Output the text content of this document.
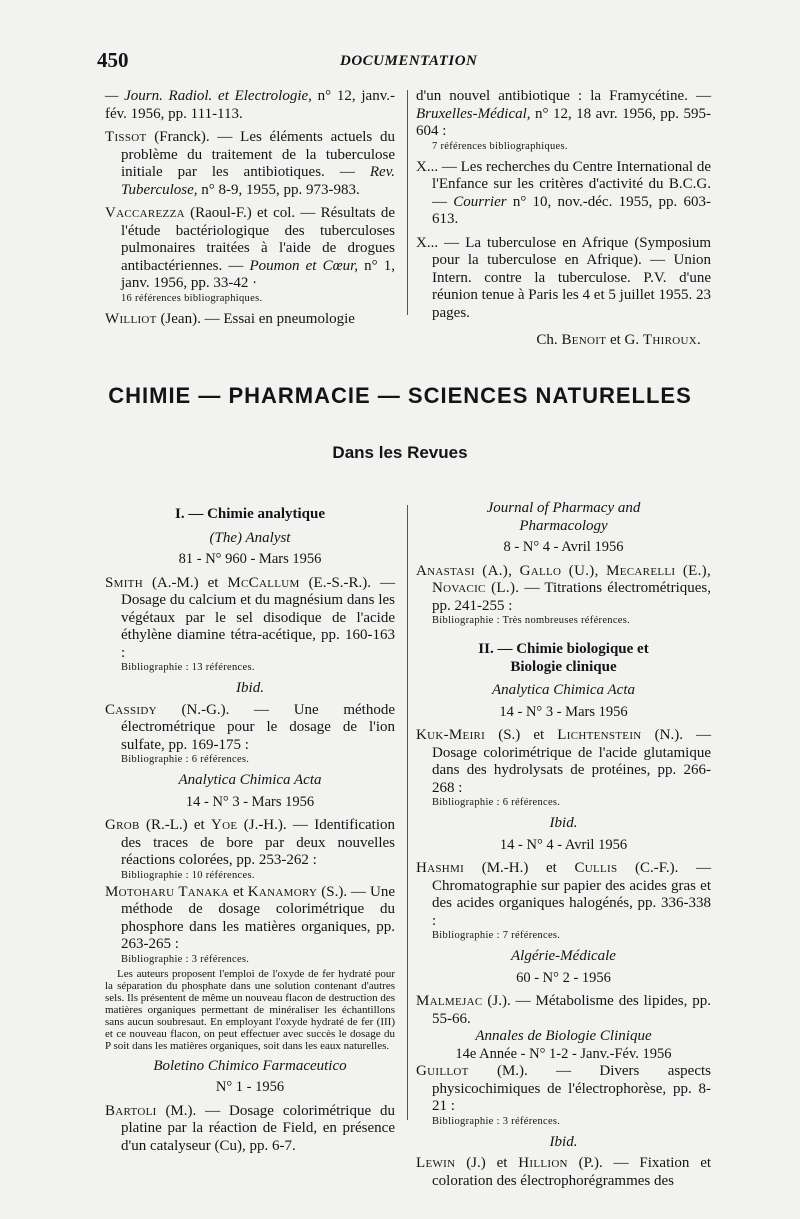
450	DOCUMENTATION

— Journ. Radiol. et Electrologie, n° 12, janv.-fév. 1956, pp. 111-113.

Tissot (Franck). — Les éléments actuels du problème du traitement de la tuberculose initiale par les antibiotiques. — Rev. Tuberculose, n° 8-9, 1955, pp. 973-983.

Vaccarezza (Raoul-F.) et col. — Résultats de l'étude bactériologique des tuberculoses pulmonaires traitées à l'aide de drogues antibactériennes. — Poumon et Cœur, n° 1, janv. 1956, pp. 33-42 ·

16 références bibliographiques.

Williot (Jean). — Essai en pneumologie

d'un nouvel antibiotique : la Framycétine. — Bruxelles-Médical, n° 12, 18 avr. 1956, pp. 595-604 :

7 références bibliographiques.

X... — Les recherches du Centre International de l'Enfance sur les critères d'activité du B.C.G. — Courrier n° 10, nov.-déc. 1955, pp. 603-613.

X... — La tuberculose en Afrique (Symposium pour la tuberculose en Afrique). — Union Intern. contre la tuberculose. P.V. d'une réunion tenue à Paris les 4 et 5 juillet 1955. 23 pages.

Ch. Benoit et G. Thiroux.
CHIMIE — PHARMACIE — SCIENCES NATURELLES
Dans les Revues
I. — Chimie analytique
(The) Analyst
81 - N° 960 - Mars 1956

Smith (A.-M.) et McCallum (E.-S.-R.). — Dosage du calcium et du magnésium dans les végétaux par le sel disodique de l'acide éthylène diamine tétra-acétique, pp. 160-163 :

Bibliographie : 13 références.
Ibid.

Cassidy (N.-G.). — Une méthode électrométrique pour le dosage de l'ion sulfate, pp. 169-175 :

Bibliographie : 6 références.
Analytica Chimica Acta
14 - N° 3 - Mars 1956

Grob (R.-L.) et Yoe (J.-H.). — Identification des traces de bore par deux nouvelles réactions colorées, pp. 253-262 :

Bibliographie : 10 références.

Motoharu Tanaka et Kanamory (S.). — Une méthode de dosage colorimétrique du phosphore dans les matières organiques, pp. 263-265 :

Bibliographie : 3 références.

Les auteurs proposent l'emploi de l'oxyde de fer hydraté pour la séparation du phosphate dans une solution contenant d'autres sels. Ils présentent de même un nouveau flacon de destruction des matières organiques permettant de minéraliser les échantillons sans aucun soubresaut. En employant l'oxyde hydraté de fer (III) et ce nouveau flacon, on peut effectuer avec succès le dosage du P soit dans les matières organiques, soit dans les eaux naturelles.

Boletino Chimico Farmaceutico
N° 1 - 1956

Bartoli (M.). — Dosage colorimétrique du platine par la réaction de Field, en présence d'un catalyseur (Cu), pp. 6-7.

Journal of Pharmacy and Pharmacology
8 - N° 4 - Avril 1956

Anastasi (A.), Gallo (U.), Mecarelli (E.), Novacic (L.). — Titrations électrométriques, pp. 241-255 :

Bibliographie : Très nombreuses références.
II. — Chimie biologique et Biologie clinique
Analytica Chimica Acta
14 - N° 3 - Mars 1956

Kuk-Meiri (S.) et Lichtenstein (N.). — Dosage colorimétrique de l'acide glutamique dans des hydrolysats de protéines, pp. 266-268 :

Bibliographie : 6 références.
Ibid.
14 - N° 4 - Avril 1956

Hashmi (M.-H.) et Cullis (C.-F.). — Chromatographie sur papier des acides gras et des acides organiques halogénés, pp. 336-338 :

Bibliographie : 7 références.
Algérie-Médicale
60 - N° 2 - 1956

Malmejac (J.). — Métabolisme des lipides, pp. 55-66.

Annales de Biologie Clinique
14e Année - N° 1-2 - Janv.-Fév. 1956

Guillot (M.). — Divers aspects physicochimiques de l'électrophorèse, pp. 8-21 :

Bibliographie : 3 références.
Ibid.

Lewin (J.) et Hillion (P.). — Fixation et coloration des électrophorégrammes des
